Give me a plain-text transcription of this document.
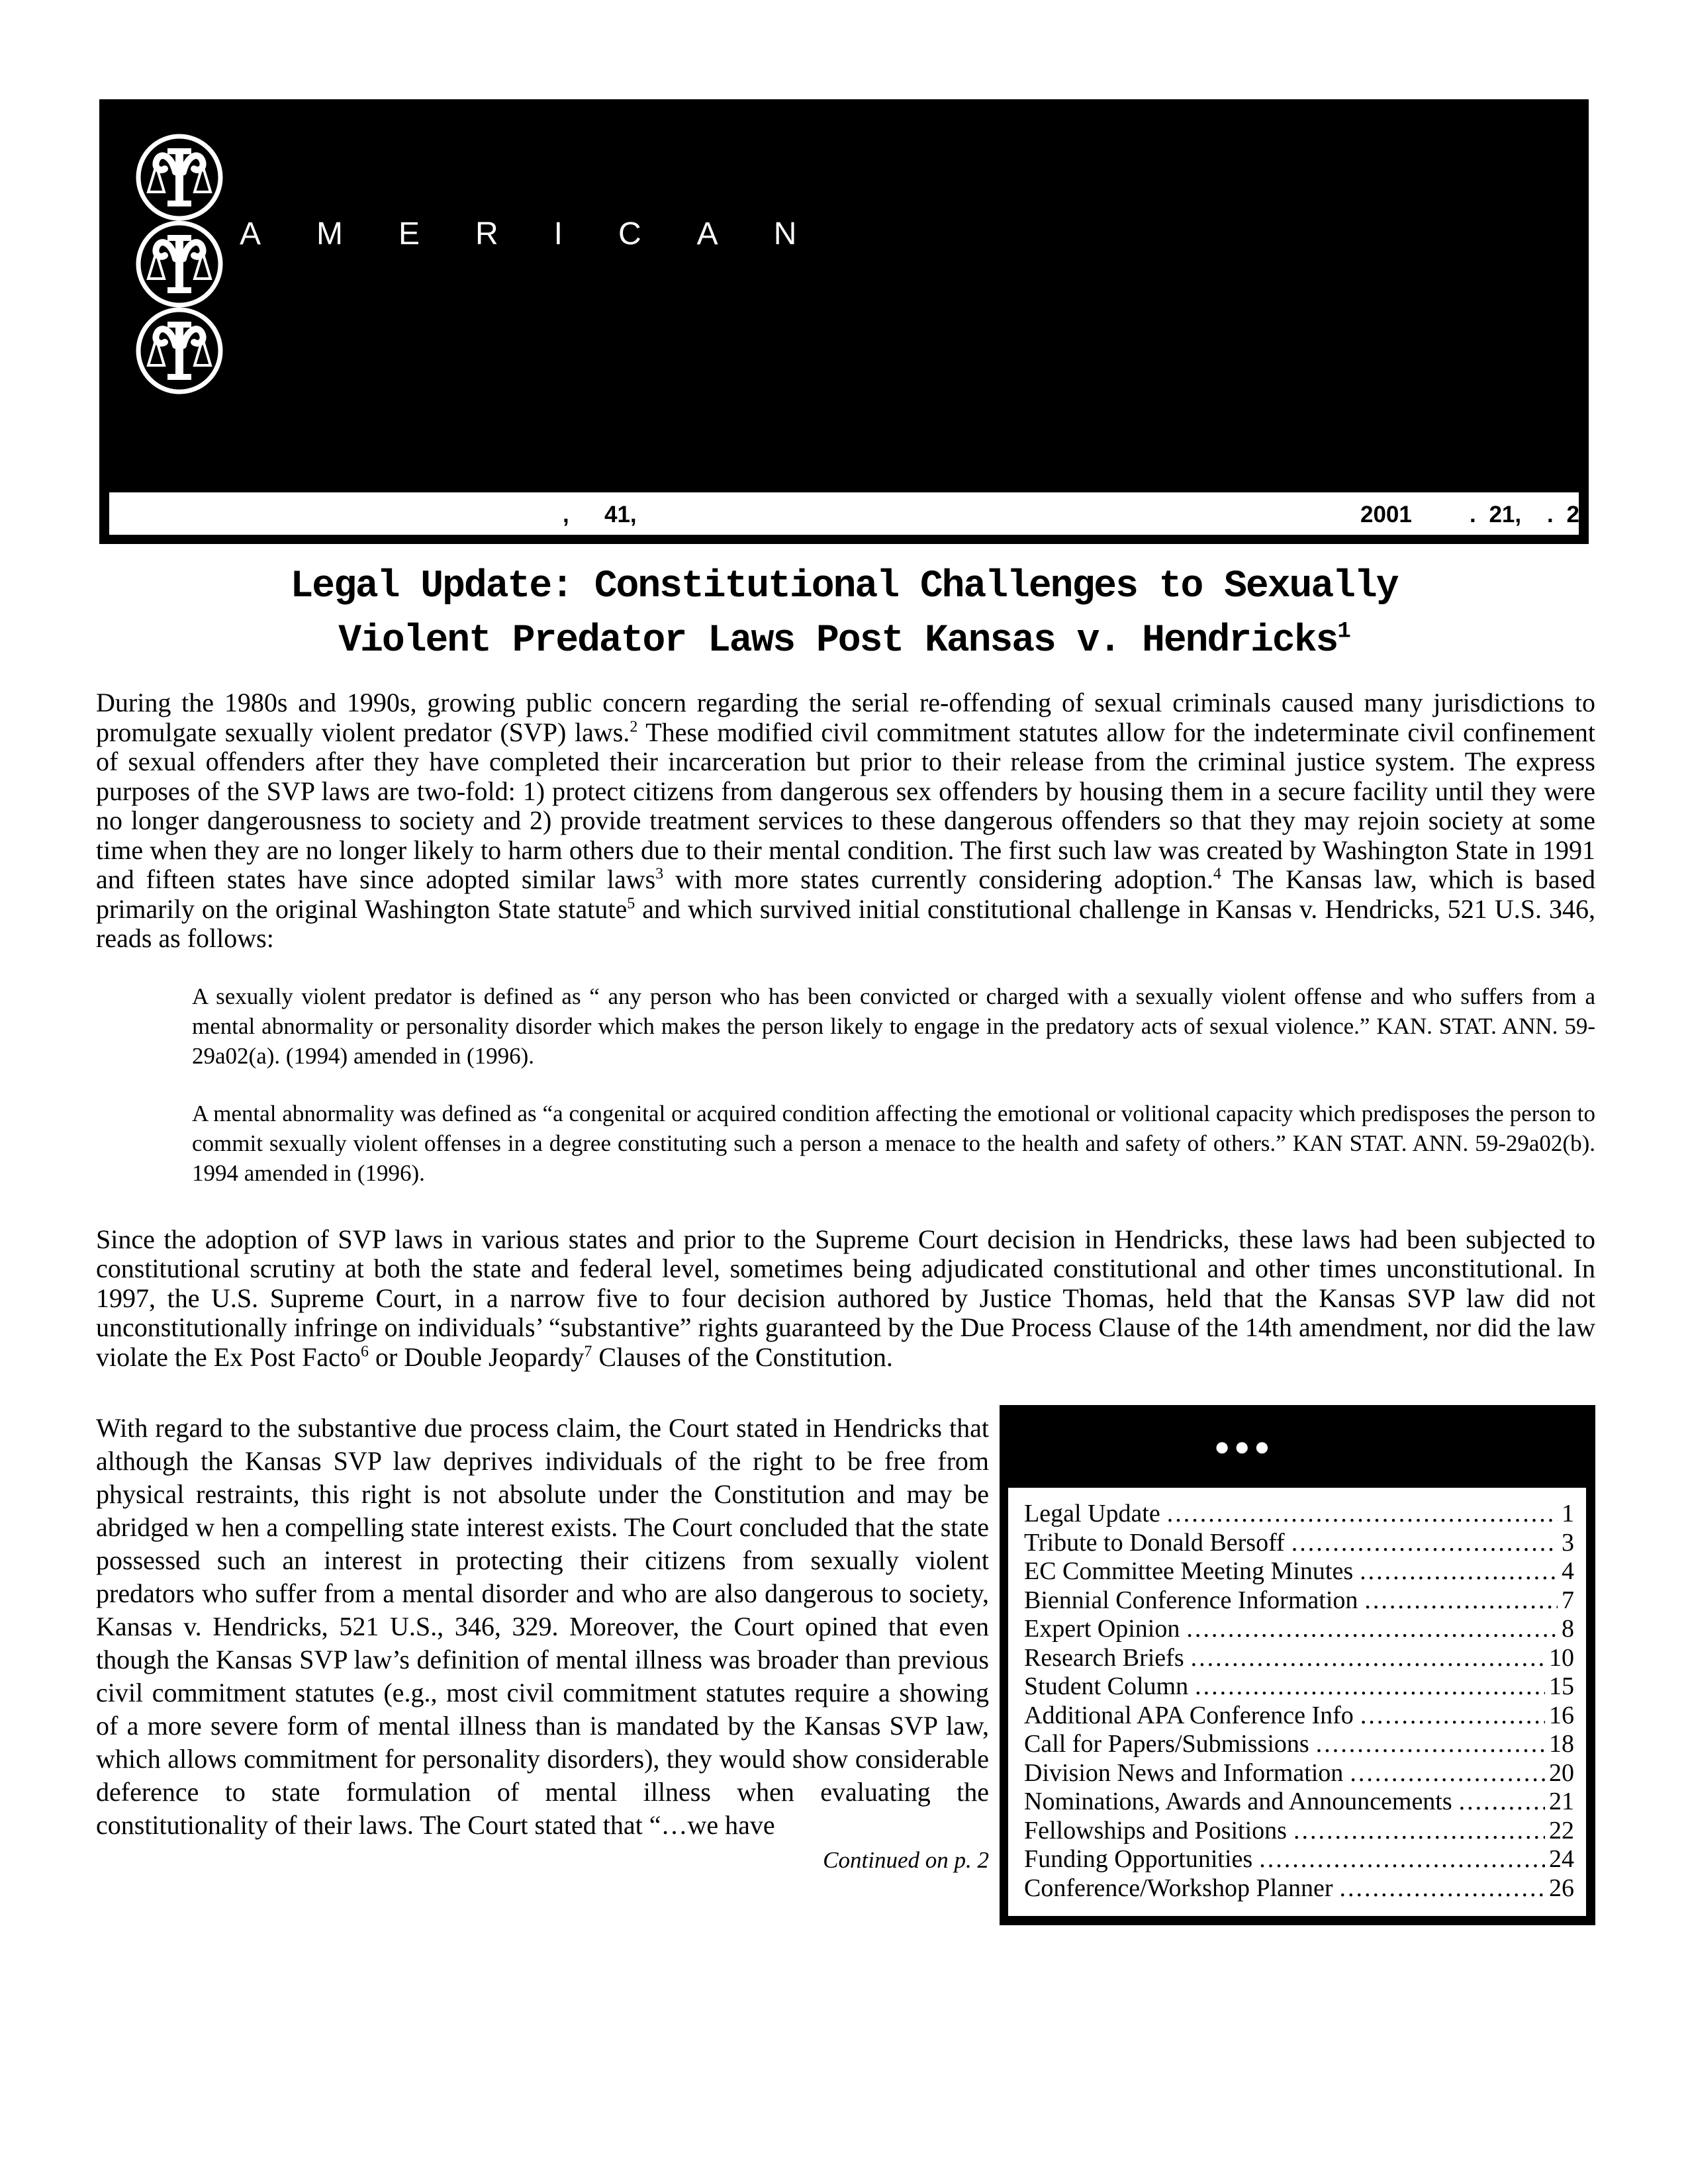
AMERICAN
, 41,	2001 . 21, . 2
Legal Update: Constitutional Challenges to Sexually
Violent Predator Laws Post Kansas v. Hendricks$^1$

During the 1980s and 1990s, growing public concern regarding the serial re-offending of sexual criminals caused many jurisdictions to promulgate sexually violent predator (SVP) laws.$^2$ These modified civil commitment statutes allow for the indeterminate civil confinement of sexual offenders after they have completed their incarceration but prior to their release from the criminal justice system. The express purposes of the SVP laws are two-fold: 1) protect citizens from dangerous sex offenders by housing them in a secure facility until they were no longer dangerousness to society and 2) provide treatment services to these dangerous offenders so that they may rejoin society at some time when they are no longer likely to harm others due to their mental condition. The first such law was created by Washington State in 1991 and fifteen states have since adopted similar laws$^3$ with more states currently considering adoption.$^4$ The Kansas law, which is based primarily on the original Washington State statute$^5$ and which survived initial constitutional challenge in Kansas v. Hendricks, 521 U.S. 346, reads as follows:

A sexually violent predator is defined as “ any person who has been convicted or charged with a sexually violent offense and who suffers from a mental abnormality or personality disorder which makes the person likely to engage in the predatory acts of sexual violence.” KAN. STAT. ANN. 59-29a02(a). (1994) amended in (1996).
A mental abnormality was defined as “a congenital or acquired condition affecting the emotional or volitional capacity which predisposes the person to commit sexually violent offenses in a degree constituting such a person a menace to the health and safety of others.” KAN STAT. ANN. 59-29a02(b). 1994 amended in (1996).

Since the adoption of SVP laws in various states and prior to the Supreme Court decision in Hendricks, these laws had been subjected to constitutional scrutiny at both the state and federal level, sometimes being adjudicated constitutional and other times unconstitutional. In 1997, the U.S. Supreme Court, in a narrow five to four decision authored by Justice Thomas, held that the Kansas SVP law did not unconstitutionally infringe on individuals’ “substantive” rights guaranteed by the Due Process Clause of the 14th amendment, nor did the law violate the Ex Post Facto$^6$ or Double Jeopardy$^7$ Clauses of the Constitution.

With regard to the substantive due process claim, the Court stated in Hendricks that although the Kansas SVP law deprives individuals of the right to be free from physical restraints, this right is not absolute under the Constitution and may be abridged w hen a compelling state interest exists. The Court concluded that the state possessed such an interest in protecting their citizens from sexually violent predators who suffer from a mental disorder and who are also dangerous to society, Kansas v. Hendricks, 521 U.S., 346, 329. Moreover, the Court opined that even though the Kansas SVP law’s definition of mental illness was broader than previous civil commitment statutes (e.g., most civil commitment statutes require a showing of a more severe form of mental illness than is mandated by the Kansas SVP law, which allows commitment for personality disorders), they would show considerable deference to state formulation of mental illness when evaluating the constitutionality of their laws. The Court stated that “…we have

Continued on p. 2
●●●
Legal Update .....	1
Tribute to Donald Bersoff .....	3
EC Committee Meeting Minutes .....	4
Biennial Conference Information .....	7
Expert Opinion .....	8
Research Briefs .....	10
Student Column .....	15
Additional APA Conference Info .....	16
Call for Papers/Submissions .....	18
Division News and Information .....	20
Nominations, Awards and Announcements .....	21
Fellowships and Positions .....	22
Funding Opportunities .....	24
Conference/Workshop Planner .....	26
